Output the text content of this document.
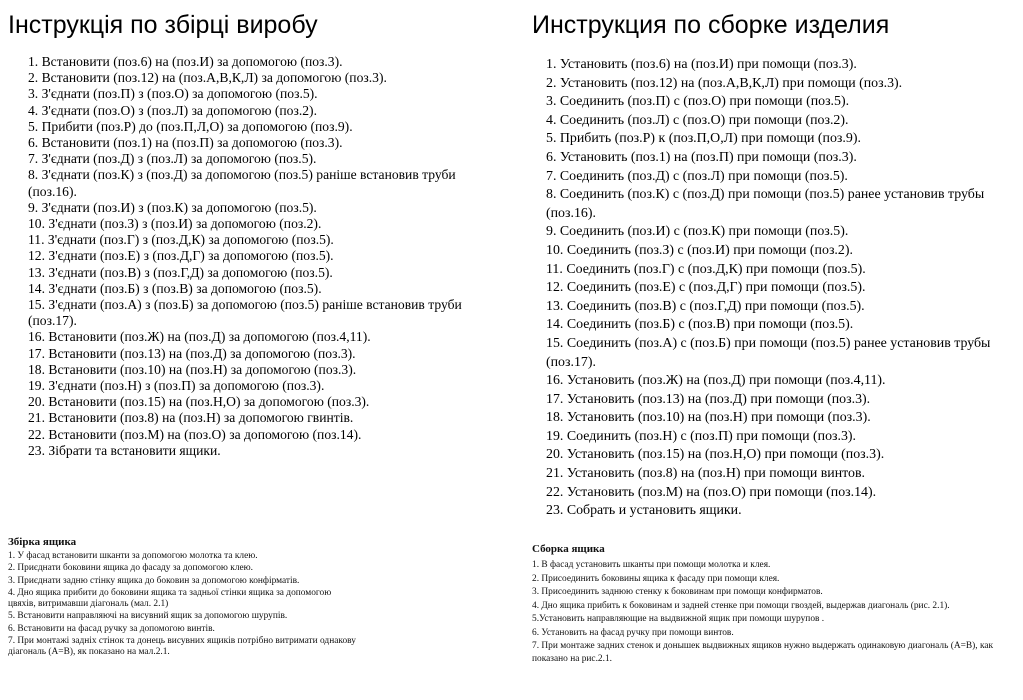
Інструкція по збірці виробу
1. Встановити (поз.6) на (поз.И) за допомогою (поз.3).
2. Встановити (поз.12) на (поз.А,В,К,Л) за допомогою (поз.3).
3. З'єднати (поз.П) з (поз.О) за допомогою (поз.5).
4. З'єднати (поз.О) з (поз.Л) за допомогою (поз.2).
5. Прибити (поз.Р) до (поз.П,Л,О) за допомогою (поз.9).
6. Встановити (поз.1) на (поз.П) за допомогою (поз.3).
7. З'єднати (поз.Д) з (поз.Л) за допомогою (поз.5).
8. З'єднати (поз.К) з (поз.Д) за допомогою (поз.5) раніше встановив труби (поз.16).
9. З'єднати (поз.И) з (поз.К) за допомогою (поз.5).
10. З'єднати (поз.З) з (поз.И) за допомогою (поз.2).
11. З'єднати (поз.Г) з (поз.Д,К) за допомогою (поз.5).
12. З'єднати (поз.Е) з (поз.Д,Г) за допомогою (поз.5).
13. З'єднати (поз.В) з (поз.Г,Д) за допомогою (поз.5).
14. З'єднати (поз.Б) з (поз.В) за допомогою (поз.5).
15. З'єднати (поз.А) з (поз.Б) за допомогою (поз.5) раніше встановив труби (поз.17).
16. Встановити (поз.Ж) на (поз.Д) за допомогою (поз.4,11).
17. Встановити (поз.13) на (поз.Д) за допомогою (поз.3).
18. Встановити (поз.10) на (поз.Н) за допомогою (поз.3).
19. З'єднати (поз.Н) з (поз.П) за допомогою (поз.3).
20. Встановити (поз.15) на (поз.Н,О) за допомогою (поз.3).
21. Встановити (поз.8) на (поз.Н) за допомогою гвинтів.
22. Встановити (поз.М) на (поз.О) за допомогою (поз.14).
23. Зібрати та встановити ящики.
Збірка ящика
1. У фасад встановити шканти за допомогою молотка та клею.
2. Приєднати боковини ящика до фасаду за допомогою клею.
3. Приєднати задню стінку ящика до боковин за допомогою конфірматів.
4. Дно ящика прибити до боковини ящика та задньої стінки ящика за допомогою цвяхів, витримавши діагональ (мал. 2.1)
5. Встановити направляючі на висувний ящик за допомогою шурупів.
6. Встановити на фасад ручку за допомогою винтів.
7. При монтажі задніх стінок та донець висувних ящиків потрібно витримати однакову діагональ (А=В), як показано на мал.2.1.
Инструкция по сборке изделия
1. Установить (поз.6) на (поз.И) при помощи (поз.3).
2. Установить (поз.12) на (поз.А,В,К,Л) при помощи (поз.3).
3. Соединить (поз.П) с (поз.О) при помощи (поз.5).
4. Соединить (поз.Л) с (поз.О) при помощи (поз.2).
5. Прибить (поз.Р) к (поз.П,О,Л) при помощи (поз.9).
6. Установить (поз.1) на (поз.П) при помощи (поз.3).
7. Соединить (поз.Д) с (поз.Л) при помощи (поз.5).
8. Соединить (поз.К) с (поз.Д) при помощи (поз.5) ранее установив трубы (поз.16).
9. Соединить (поз.И) с (поз.К) при помощи (поз.5).
10. Соединить (поз.З) с (поз.И) при помощи (поз.2).
11. Соединить (поз.Г) с (поз.Д,К) при помощи (поз.5).
12. Соединить (поз.Е) с (поз.Д,Г) при помощи (поз.5).
13. Соединить (поз.В) с (поз.Г,Д) при помощи (поз.5).
14. Соединить (поз.Б) с (поз.В) при помощи (поз.5).
15. Соединить (поз.А) с (поз.Б) при помощи (поз.5) ранее установив трубы (поз.17).
16. Установить (поз.Ж) на (поз.Д) при помощи (поз.4,11).
17. Установить (поз.13) на (поз.Д) при помощи (поз.3).
18. Установить (поз.10) на (поз.Н) при помощи (поз.3).
19. Соединить (поз.Н) с (поз.П) при помощи (поз.3).
20. Установить (поз.15) на (поз.Н,О) при помощи (поз.3).
21. Установить (поз.8) на (поз.Н) при помощи винтов.
22. Установить (поз.М) на (поз.О) при помощи (поз.14).
23. Собрать и установить ящики.
Сборка ящика
1. В фасад установить шканты при помощи молотка и клея.
2. Присоединить боковины ящика к фасаду при помощи клея.
3. Присоединить заднюю стенку к боковинам при помощи конфирматов.
4. Дно ящика прибить к боковинам и задней стенке при помощи гвоздей, выдержав диагональ (рис. 2.1).
5.Установить направляющие на выдвижной ящик при помощи шурупов .
6. Установить на фасад ручку при помощи винтов.
7. При монтаже задних стенок и донышек выдвижных ящиков нужно выдержать одинаковую диагональ (А=В), как показано на рис.2.1.
